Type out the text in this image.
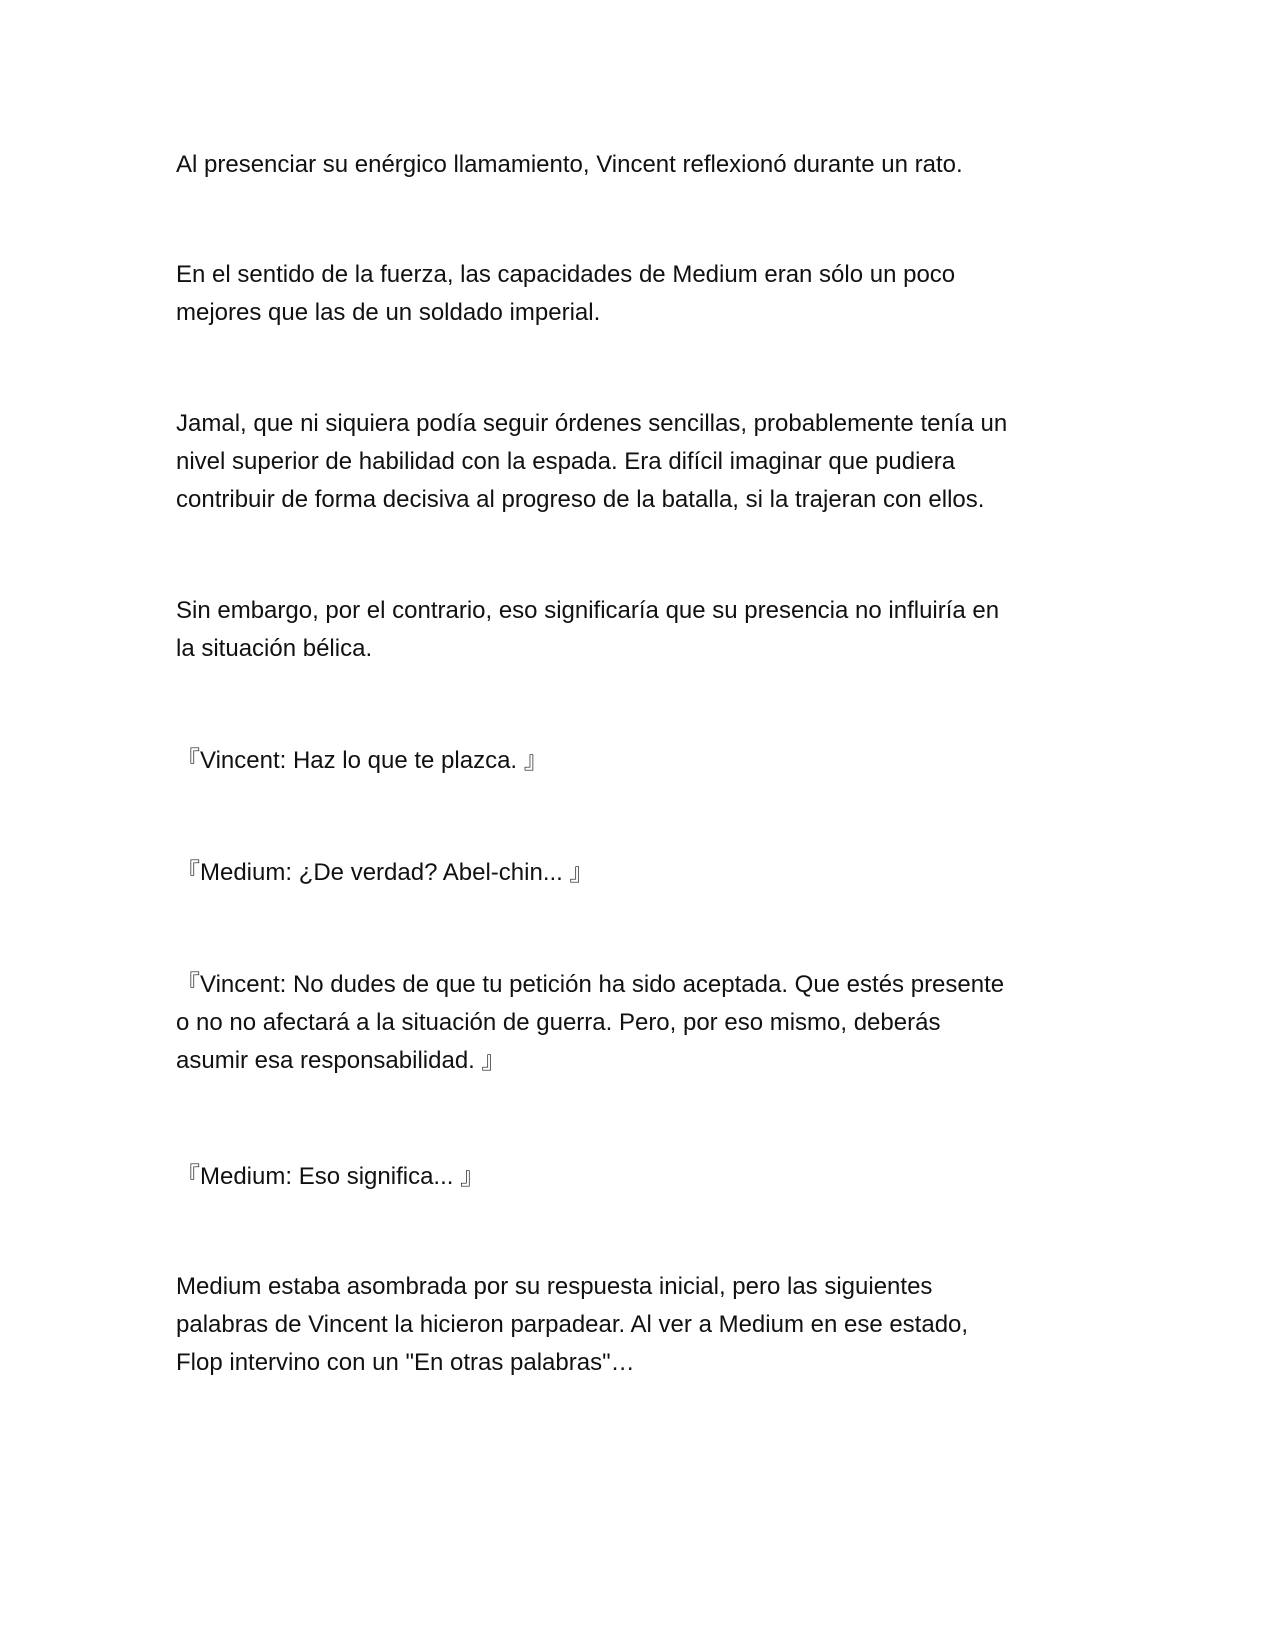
Al presenciar su enérgico llamamiento, Vincent reflexionó durante un rato.

En el sentido de la fuerza, las capacidades de Medium eran sólo un poco
mejores que las de un soldado imperial.

Jamal, que ni siquiera podía seguir órdenes sencillas, probablemente tenía un
nivel superior de habilidad con la espada. Era difícil imaginar que pudiera
contribuir de forma decisiva al progreso de la batalla, si la trajeran con ellos.

Sin embargo, por el contrario, eso significaría que su presencia no influiría en
la situación bélica.

『Vincent: Haz lo que te plazca. 』

『Medium: ¿De verdad? Abel-chin... 』

『Vincent: No dudes de que tu petición ha sido aceptada. Que estés presente
o no no afectará a la situación de guerra. Pero, por eso mismo, deberás
asumir esa responsabilidad. 』

『Medium: Eso significa... 』

Medium estaba asombrada por su respuesta inicial, pero las siguientes
palabras de Vincent la hicieron parpadear. Al ver a Medium en ese estado,
Flop intervino con un "En otras palabras"…
